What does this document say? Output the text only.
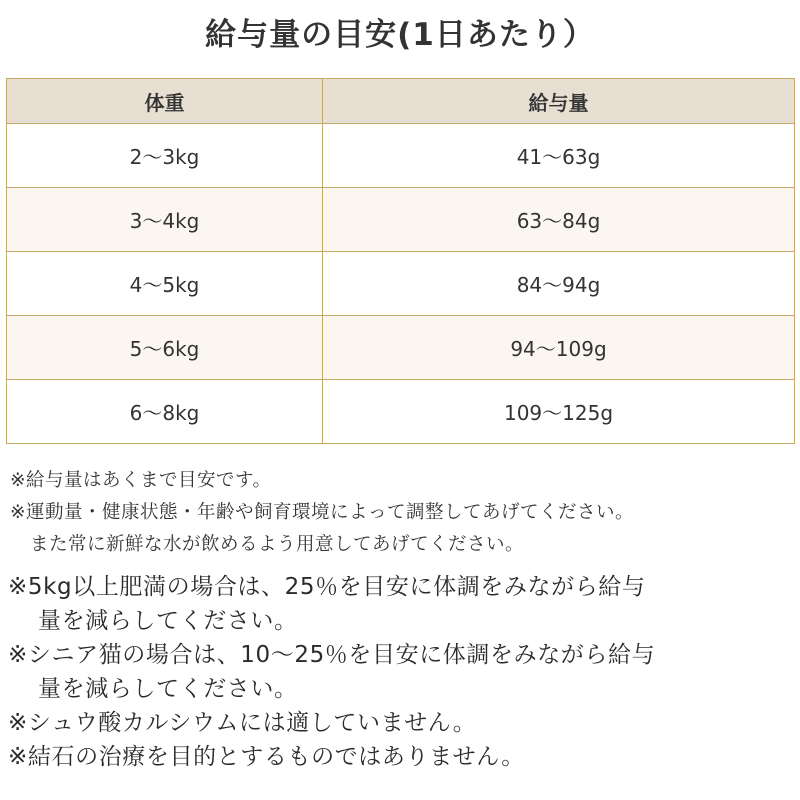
給与量の目安(1日あたり）
体重	給与量
2〜3kg	41〜63g
3〜4kg	63〜84g
4〜5kg	84〜94g
5〜6kg	94〜109g
6〜8kg	109〜125g
※給与量はあくまで目安です。
※運動量・健康状態・年齢や飼育環境によって調整してあげてください。
また常に新鮮な水が飲めるよう用意してあげてください。
※5kg以上肥満の場合は、25％を目安に体調をみながら給与
量を減らしてください。
※シニア猫の場合は、10〜25％を目安に体調をみながら給与
量を減らしてください。
※シュウ酸カルシウムには適していません。
※結石の治療を目的とするものではありません。
